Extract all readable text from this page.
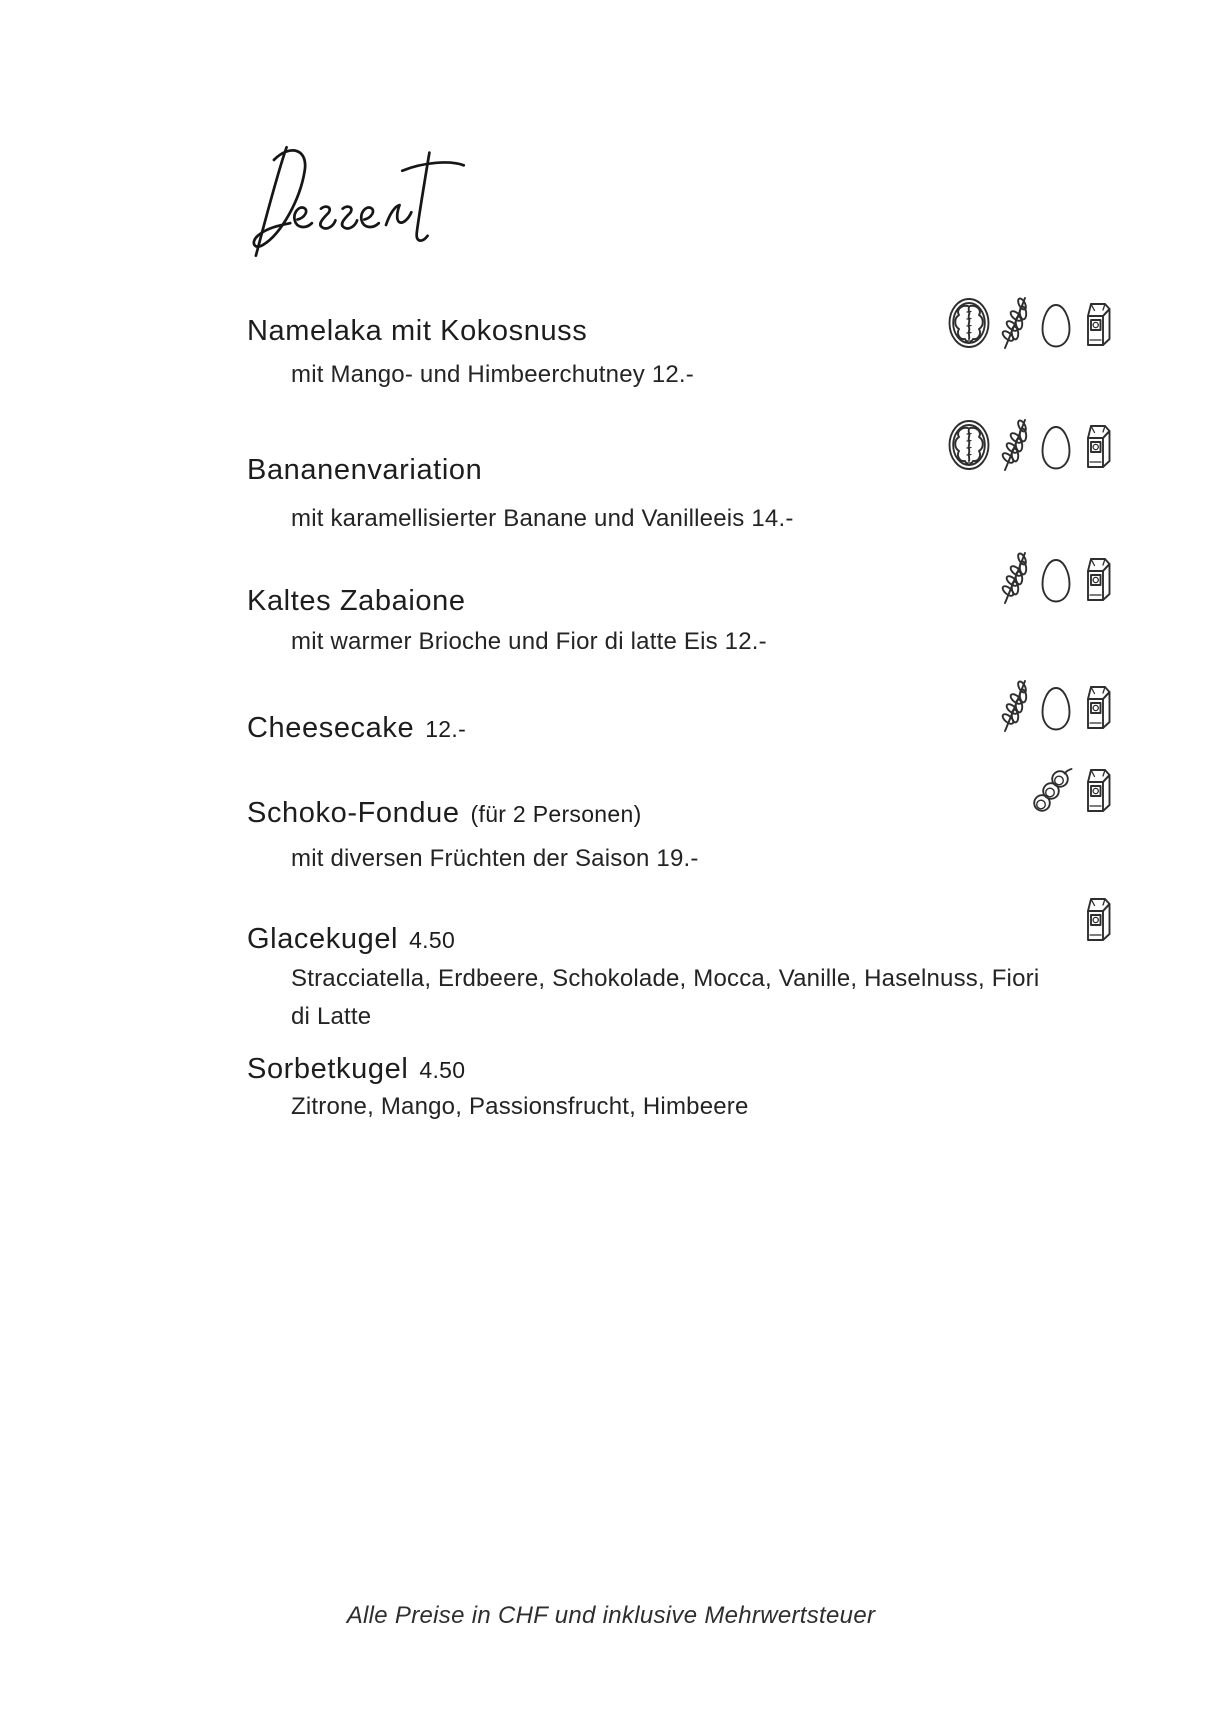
Namelaka mit Kokosnuss

mit Mango- und Himbeerchutney 12.-

Bananenvariation

mit karamellisierter Banane und Vanilleeis 14.-

Kaltes Zabaione

mit warmer Brioche und Fior di latte Eis 12.-

Cheesecake 12.-
Schoko-Fondue (für 2 Personen)

mit diversen Früchten der Saison 19.-

Glacekugel 4.50

Stracciatella, Erdbeere, Schokolade, Mocca, Vanille, Haselnuss, Fiori
di Latte

Sorbetkugel 4.50

Zitrone, Mango, Passionsfrucht, Himbeere

Alle Preise in CHF und inklusive Mehrwertsteuer
